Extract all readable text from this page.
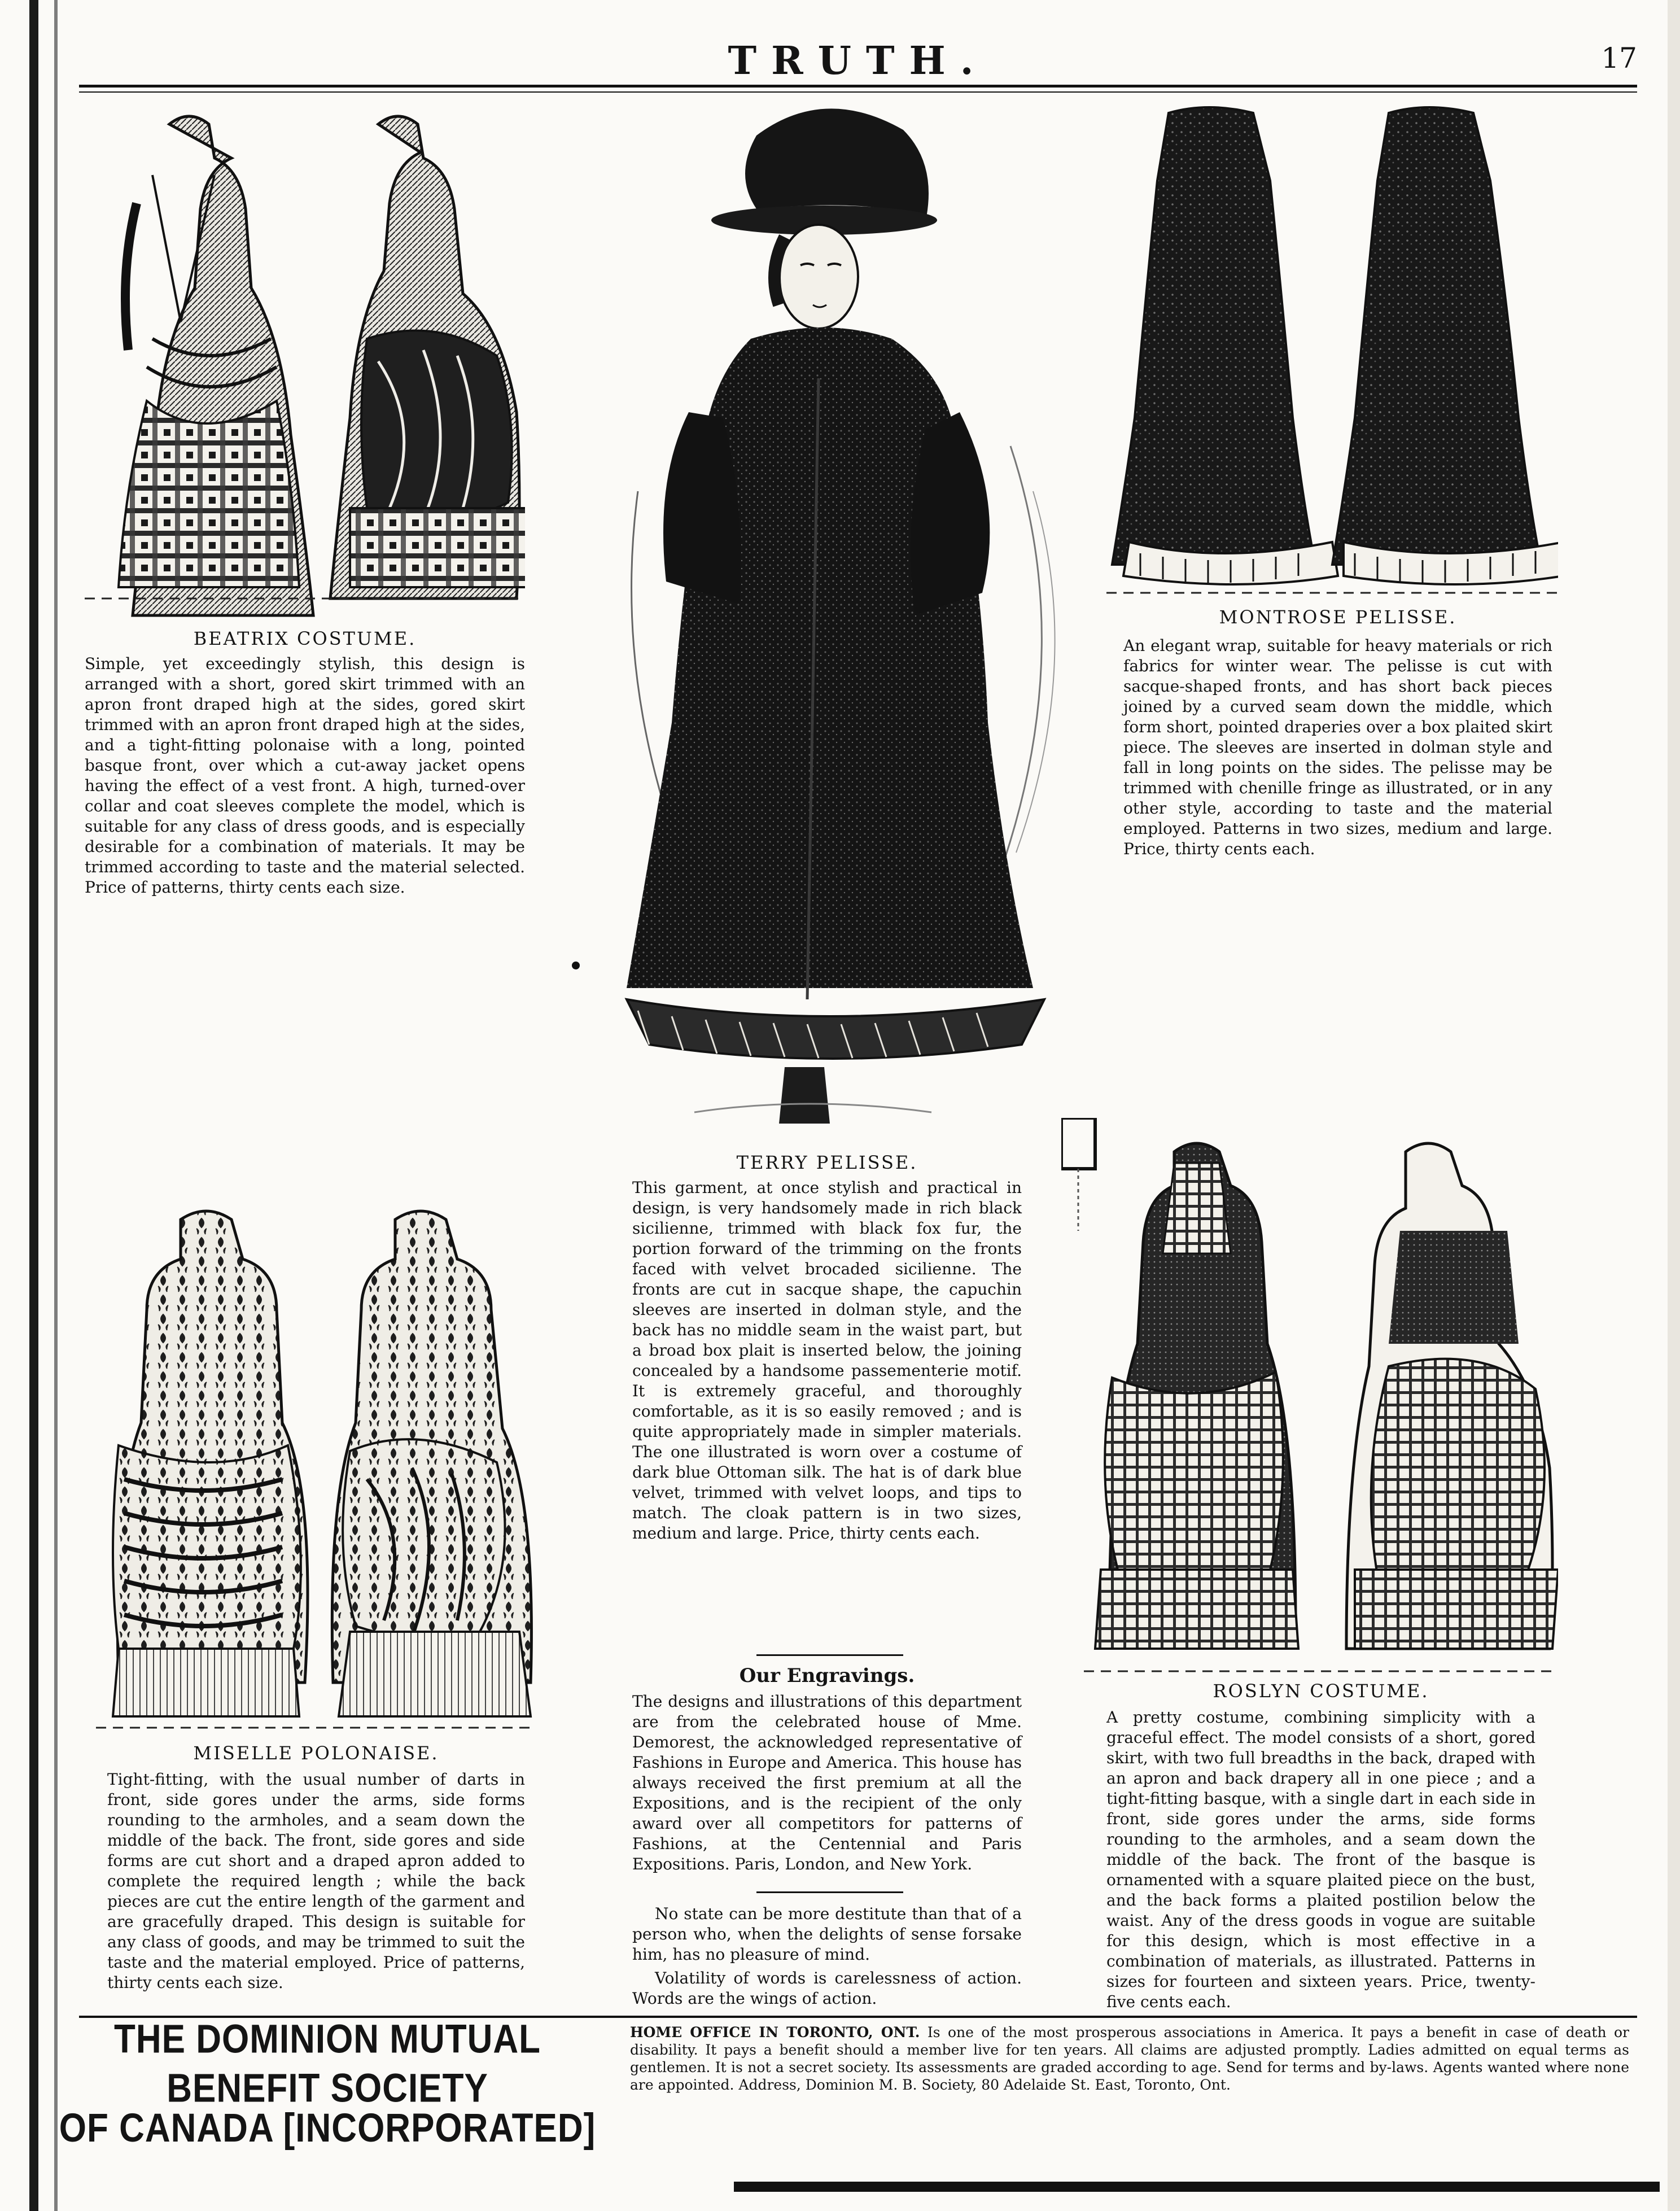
TRUTH.	17
BEATRIX COSTUME.

Simple, yet exceedingly stylish, this design is arranged with a short, gored skirt trimmed with an apron front draped high at the sides, gored skirt trimmed with an apron front draped high at the sides, and a tight-fitting polonaise with a long, pointed basque front, over which a cut-away jacket opens having the effect of a vest front. A high, turned-over collar and coat sleeves complete the model, which is suitable for any class of dress goods, and is especially desirable for a combination of materials. It may be trimmed according to taste and the material selected. Price of patterns, thirty cents each size.

MONTROSE PELISSE.

An elegant wrap, suitable for heavy materials or rich fabrics for winter wear. The pelisse is cut with sacque-shaped fronts, and has short back pieces joined by a curved seam down the middle, which form short, pointed draperies over a box plaited skirt piece. The sleeves are inserted in dolman style and fall in long points on the sides. The pelisse may be trimmed with chenille fringe as illustrated, or in any other style, according to taste and the material employed. Patterns in two sizes, medium and large. Price, thirty cents each.

TERRY PELISSE.

This garment, at once stylish and practical in design, is very handsomely made in rich black sicilienne, trimmed with black fox fur, the portion forward of the trimming on the fronts faced with velvet brocaded sicilienne. The fronts are cut in sacque shape, the capuchin sleeves are inserted in dolman style, and the back has no middle seam in the waist part, but a broad box plait is inserted below, the joining concealed by a handsome passementerie motif. It is extremely graceful, and thoroughly comfortable, as it is so easily removed ; and is quite appropriately made in simpler materials. The one illustrated is worn over a costume of dark blue Ottoman silk. The hat is of dark blue velvet, trimmed with velvet loops, and tips to match. The cloak pattern is in two sizes, medium and large. Price, thirty cents each.

Our Engravings.

The designs and illustrations of this department are from the celebrated house of Mme. Demorest, the acknowledged representative of Fashions in Europe and America. This house has always received the first premium at all the Expositions, and is the recipient of the only award over all competitors for patterns of Fashions, at the Centennial and Paris Expositions. Paris, London, and New York.

No state can be more destitute than that of a person who, when the delights of sense forsake him, has no pleasure of mind.

Volatility of words is carelessness of action. Words are the wings of action.

MISELLE POLONAISE.

Tight-fitting, with the usual number of darts in front, side gores under the arms, side forms rounding to the armholes, and a seam down the middle of the back. The front, side gores and side forms are cut short and a draped apron added to complete the required length ; while the back pieces are cut the entire length of the garment and are gracefully draped. This design is suitable for any class of goods, and may be trimmed to suit the taste and the material employed. Price of patterns, thirty cents each size.

ROSLYN COSTUME.

A pretty costume, combining simplicity with a graceful effect. The model consists of a short, gored skirt, with two full breadths in the back, draped with an apron and back drapery all in one piece ; and a tight-fitting basque, with a single dart in each side in front, side gores under the arms, side forms rounding to the armholes, and a seam down the middle of the back. The front of the basque is ornamented with a square plaited piece on the bust, and the back forms a plaited postilion below the waist. Any of the dress goods in vogue are suitable for this design, which is most effective in a combination of materials, as illustrated. Patterns in sizes for fourteen and sixteen years. Price, twenty-five cents each.

THE DOMINION MUTUAL BENEFIT SOCIETY
OF CANADA [INCORPORATED]
HOME OFFICE IN TORONTO, ONT. Is one of the most prosperous associations in America. It pays a benefit in case of death or disability. It pays a benefit should a member live for ten years. All claims are adjusted promptly. Ladies admitted on equal terms as gentlemen. It is not a secret society. Its assessments are graded according to age. Send for terms and by-laws. Agents wanted where none are appointed. Address, Dominion M. B. Society, 80 Adelaide St. East, Toronto, Ont.
